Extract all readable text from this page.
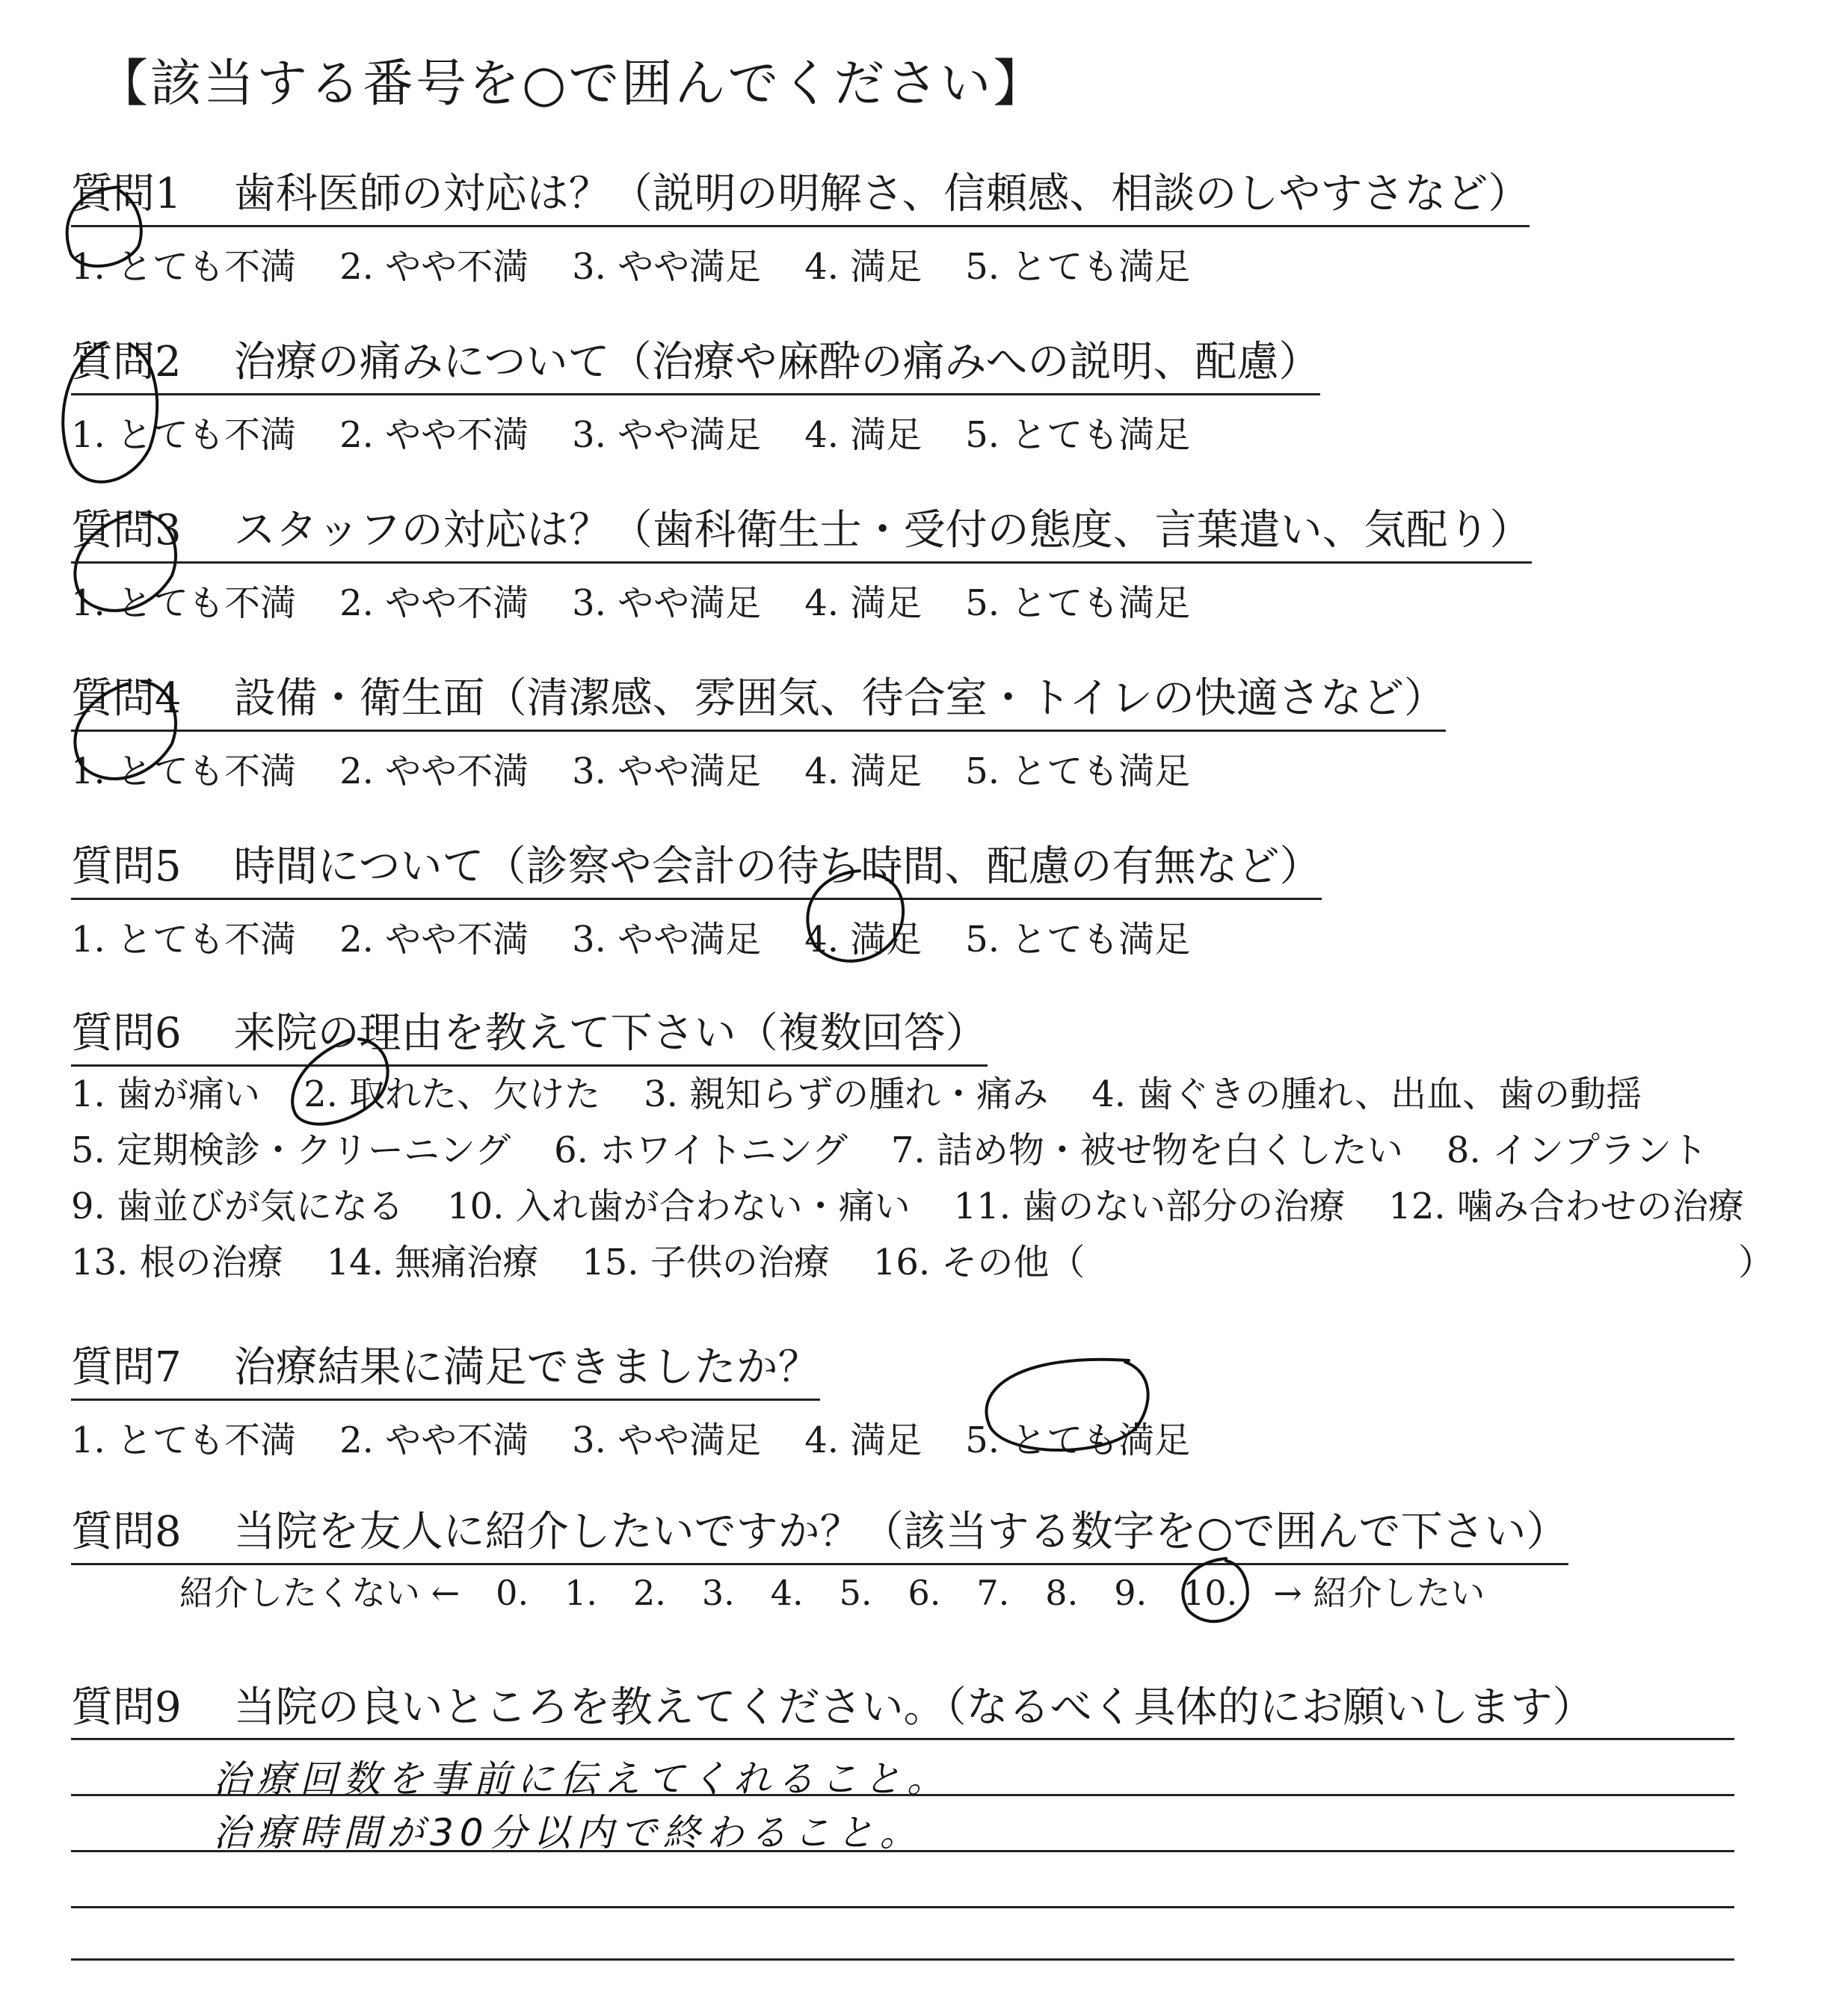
【該当する番号を○で囲んでください】
質問1 歯科医師の対応は？（説明の明解さ、信頼感、相談のしやすさなど）
1. とても不満 2. やや不満 3. やや満足 4. 満足 5. とても満足
質問2 治療の痛みについて（治療や麻酔の痛みへの説明、配慮）
1. とても不満 2. やや不満 3. やや満足 4. 満足 5. とても満足
質問3 スタッフの対応は？（歯科衛生士・受付の態度、言葉遣い、気配り）
1. とても不満 2. やや不満 3. やや満足 4. 満足 5. とても満足
質問4 設備・衛生面（清潔感、雰囲気、待合室・トイレの快適さなど）
1. とても不満 2. やや不満 3. やや満足 4. 満足 5. とても満足
質問5 時間について（診察や会計の待ち時間、配慮の有無など）
1. とても不満 2. やや不満 3. やや満足 4. 満足 5. とても満足
質問6 来院の理由を教えて下さい（複数回答）
1. 歯が痛い 2. 取れた、欠けた 3. 親知らずの腫れ・痛み 4. 歯ぐきの腫れ、出血、歯の動揺
5. 定期検診・クリーニング 6. ホワイトニング 7. 詰め物・被せ物を白くしたい 8. インプラント
9. 歯並びが気になる 10. 入れ歯が合わない・痛い 11. 歯のない部分の治療 12. 噛み合わせの治療
13. 根の治療 14. 無痛治療 15. 子供の治療 16. その他（	）
質問7 治療結果に満足できましたか？
1. とても不満 2. やや不満 3. やや満足 4. 満足 5. とても満足
質問8 当院を友人に紹介したいですか？（該当する数字を○で囲んで下さい）
紹介したくない ← 0. 1. 2. 3. 4. 5. 6. 7. 8. 9. 10. → 紹介したい
質問9 当院の良いところを教えてください。（なるべく具体的にお願いします）
治療回数を事前に伝えてくれること。
治療時間が30分以内で終わること。
